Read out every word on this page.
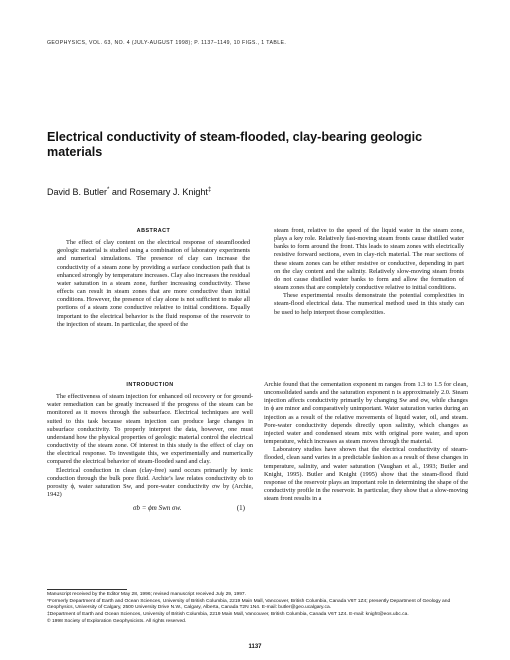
GEOPHYSICS, VOL. 63, NO. 4 (JULY-AUGUST 1998); P. 1137–1149, 10 FIGS., 1 TABLE.
Electrical conductivity of steam-flooded, clay-bearing geologic materials
David B. Butler* and Rosemary J. Knight‡
ABSTRACT

The effect of clay content on the electrical response of steamflooded geologic material is studied using a combination of laboratory experiments and numerical simulations. The presence of clay can increase the conductivity of a steam zone by providing a surface conduction path that is enhanced strongly by temperature increases. Clay also increases the residual water saturation in a steam zone, further increasing conductivity. These effects can result in steam zones that are more conductive than initial conditions. However, the presence of clay alone is not sufficient to make all portions of a steam zone conductive relative to initial conditions. Equally important to the electrical behavior is the fluid response of the reservoir to the injection of steam. In particular, the speed of the

steam front, relative to the speed of the liquid water in the steam zone, plays a key role. Relatively fast-moving steam fronts cause distilled water banks to form around the front. This leads to steam zones with electrically resistive forward sections, even in clay-rich material. The rear sections of these steam zones can be either resistive or conductive, depending in part on the clay content and the salinity. Relatively slow-moving steam fronts do not cause distilled water banks to form and allow the formation of steam zones that are completely conductive relative to initial conditions.

These experimental results demonstrate the potential complexities in steam-flood electrical data. The numerical method used in this study can be used to help interpret those complexities.

INTRODUCTION

The effectiveness of steam injection for enhanced oil recovery or for ground-water remediation can be greatly increased if the progress of the steam can be monitored as it moves through the subsurface. Electrical techniques are well suited to this task because steam injection can produce large changes in subsurface conductivity. To properly interpret the data, however, one must understand how the physical properties of geologic material control the electrical conductivity of the steam zone. Of interest in this study is the effect of clay on the electrical response. To investigate this, we experimentally and numerically compared the electrical behavior of steam-flooded sand and clay.

Electrical conduction in clean (clay-free) sand occurs primarily by ionic conduction through the bulk pore fluid. Archie’s law relates conductivity σb to porosity ϕ, water saturation Sw, and pore-water conductivity σw by (Archie, 1942)

σb = ϕm Swn σw.	(1)

Archie found that the cementation exponent m ranges from 1.3 to 1.5 for clean, unconsolidated sands and the saturation exponent n is approximately 2.0. Steam injection affects conductivity primarily by changing Sw and σw, while changes in ϕ are minor and comparatively unimportant. Water saturation varies during an injection as a result of the relative movements of liquid water, oil, and steam. Pore-water conductivity depends directly upon salinity, which changes as injected water and condensed steam mix with original pore water, and upon temperature, which increases as steam moves through the material.

Laboratory studies have shown that the electrical conductivity of steam-flooded, clean sand varies in a predictable fashion as a result of these changes in temperature, salinity, and water saturation (Vaughan et al., 1993; Butler and Knight, 1995). Butler and Knight (1995) show that the steam-flood fluid response of the reservoir plays an important role in determining the shape of the conductivity profile in the reservoir. In particular, they show that a slow-moving steam front results in a

Manuscript received by the Editor May 28, 1996; revised manuscript received July 29, 1997.
*Formerly Department of Earth and Ocean Sciences, University of British Columbia, 2219 Main Mall, Vancouver, British Columbia, Canada V6T 1Z4; presently Department of Geology and Geophysics, University of Calgary, 2500 University Drive N.W., Calgary, Alberta, Canada T2N 1N4. E-mail: butler@geo.ucalgary.ca.
‡Department of Earth and Ocean Sciences, University of British Columbia, 2219 Main Mall, Vancouver, British Columbia, Canada V6T 1Z4. E-mail: knight@eos.ubc.ca.
© 1998 Society of Exploration Geophysicists. All rights reserved.
1137
